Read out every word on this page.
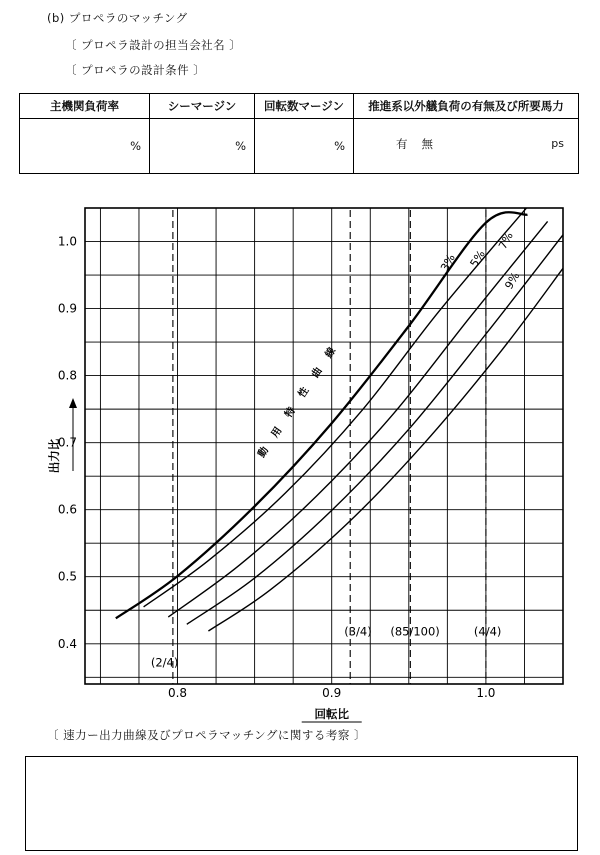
(b) プロペラのマッチング
〔 プロペラ設計の担当会社名 〕
〔 プロペラの設計条件 〕
主機関負荷率	シーマージン	回転数マージン	推進系以外艤負荷の有無及び所要馬力
%	%	%	有無 ps
(2/4)
(3/4) (85/100)	(4/4)
0.4
0.5
0.6
0.7
0.8
0.9
1.0
0.8	0.9	1.0
回転比
出力比	動用特性曲線
3% 5%
7%
9%
〔 速力ー出力曲線及びプロペラマッチングに関する考察 〕
